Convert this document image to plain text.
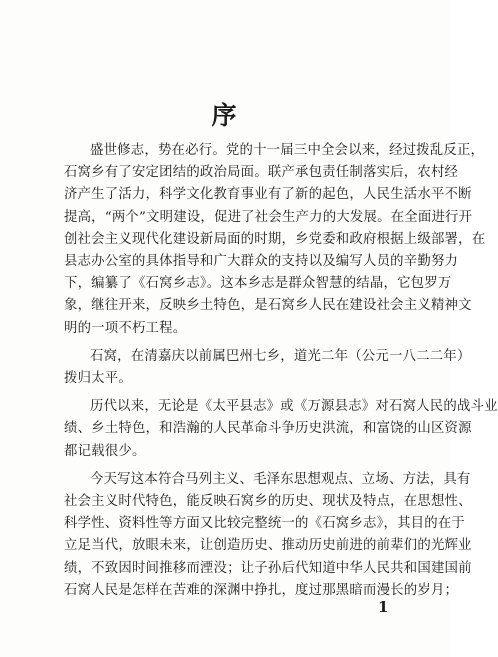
序
盛世修志，势在必行。党的十一届三中全会以来，经过拨乱反正，
石窝乡有了安定团结的政治局面。联产承包责任制落实后，农村经
济产生了活力，科学文化教育事业有了新的起色，人民生活水平不断
提高，“两个”文明建设，促进了社会生产力的大发展。在全面进行开
创社会主义现代化建设新局面的时期，乡党委和政府根据上级部署，在
县志办公室的具体指导和广大群众的支持以及编写人员的辛勤努力
下，编纂了《石窝乡志》。这本乡志是群众智慧的结晶，它包罗万
象，继往开来，反映乡土特色，是石窝乡人民在建设社会主义精神文
明的一项不朽工程。
石窝，在清嘉庆以前属巴州七乡，道光二年（公元一八二二年）
拨归太平。
历代以来，无论是《太平县志》或《万源县志》对石窝人民的战斗业
绩、乡土特色，和浩瀚的人民革命斗争历史洪流，和富饶的山区资源
都记载很少。
今天写这本符合马列主义、毛泽东思想观点、立场、方法，具有
社会主义时代特色，能反映石窝乡的历史、现状及特点，在思想性、
科学性、资料性等方面又比较完整统一的《石窝乡志》，其目的在于
立足当代，放眼未来，让创造历史、推动历史前进的前辈们的光辉业
绩，不致因时间推移而湮没；让子孙后代知道中华人民共和国建国前
石窝人民是怎样在苦难的深渊中挣扎，度过那黑暗而漫长的岁月；
1
